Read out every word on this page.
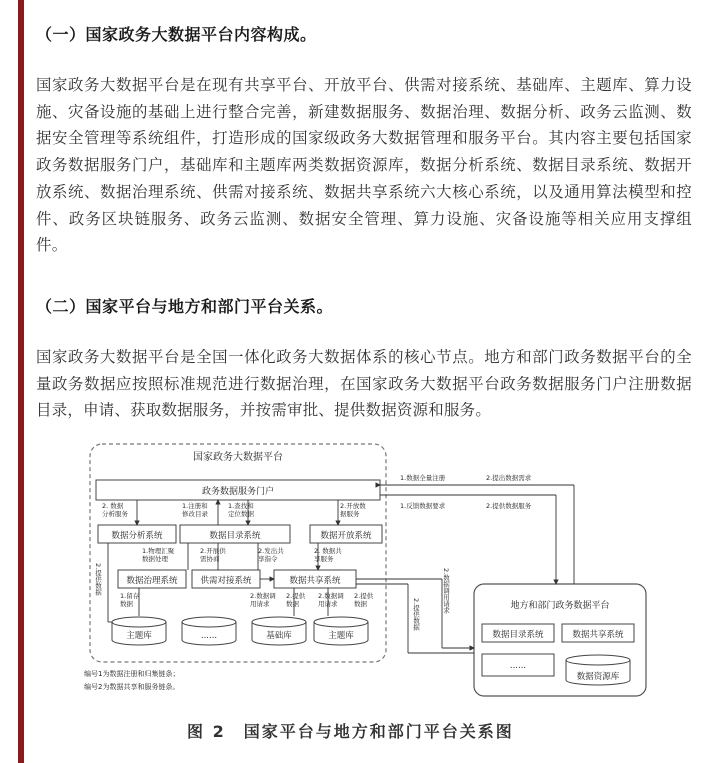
（一）国家政务大数据平台内容构成。
国家政务大数据平台是在现有共享平台、开放平台、供需对接系统、基础库、主题库、算力设施、灾备设施的基础上进行整合完善，新建数据服务、数据治理、数据分析、政务云监测、数据安全管理等系统组件，打造形成的国家级政务大数据管理和服务平台。其内容主要包括国家政务数据服务门户，基础库和主题库两类数据资源库，数据分析系统、数据目录系统、数据开放系统、数据治理系统、供需对接系统、数据共享系统六大核心系统，以及通用算法模型和控件、政务区块链服务、政务云监测、数据安全管理、算力设施、灾备设施等相关应用支撑组件。
（二）国家平台与地方和部门平台关系。
国家政务大数据平台是全国一体化政务大数据体系的核心节点。地方和部门政务数据平台的全量政务数据应按照标准规范进行数据治理，在国家政务大数据平台政务数据服务门户注册数据目录，申请、获取数据服务，并按需审批、提供数据资源和服务。
国家政务大数据平台
政务数据服务门户
数据分析系统	数据目录系统	数据开放系统
数据治理系统	供需对接系统	数据共享系统
主题库	......	基础库	主题库
2. 数据
分析服务
1.注册和
修改目录
1.查找和
定位数据
2.开放数
据服务
1.物理汇聚
数据处理
2.开展供
需协商
2.发出共
享指令
2. 数据共
享服务
1.留存
数据
2.数据调
用请求
2.提供
数据
2.数据调
用请求
2.提供
数据
2.提供数据
地方和部门政务数据平台
数据目录系统	数据共享系统
......
数据资源库
1.数据全量注册	2.提出数据需求
1.反馈数据要求	2.提供数据服务
2.数据调用请求
2.提供数据
编号1为数据注册和归集链条；
编号2为数据共享和服务链条。
图 2　国家平台与地方和部门平台关系图
